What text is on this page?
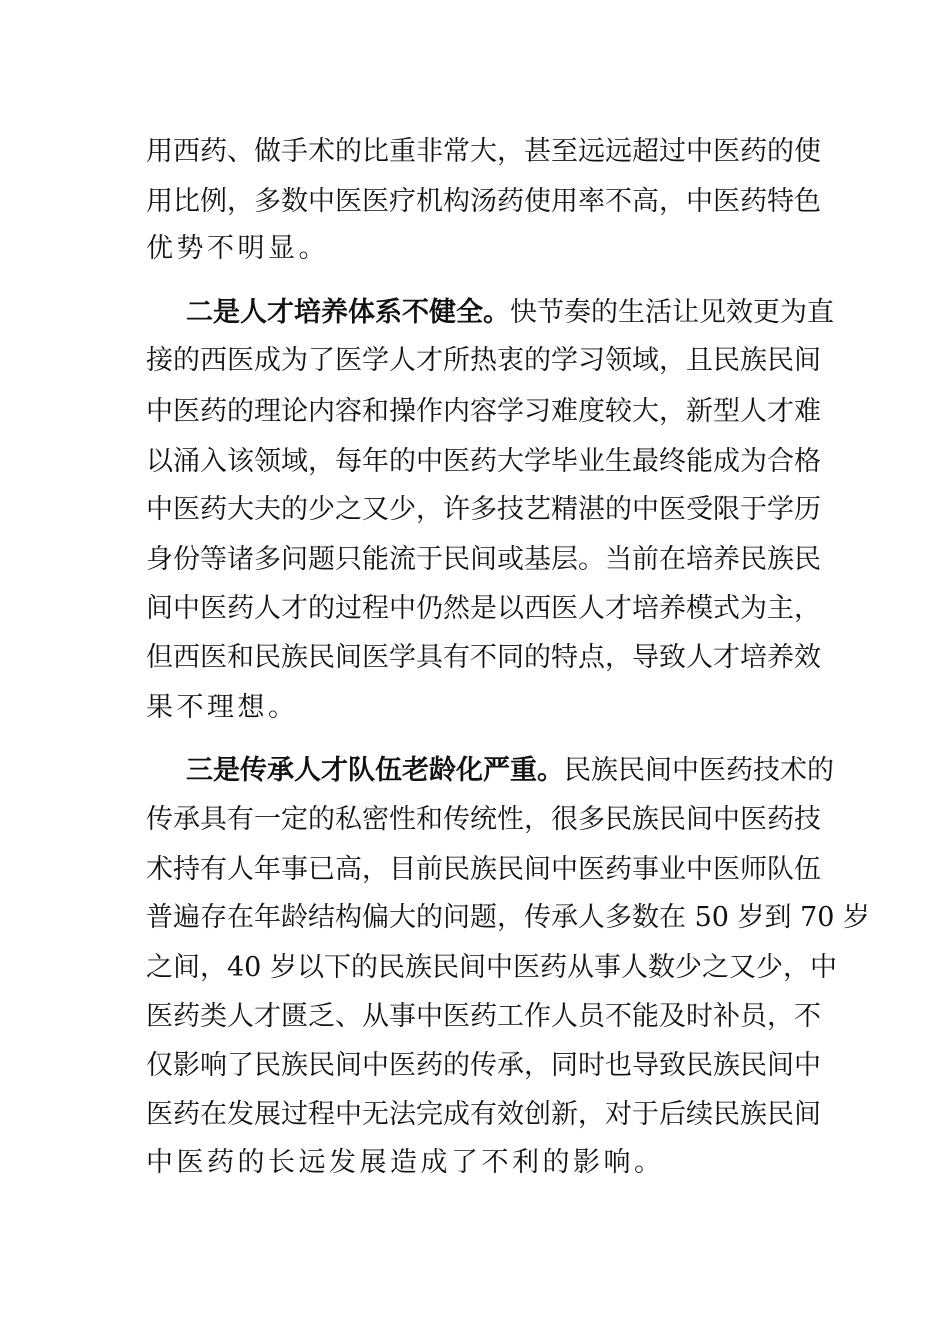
用西药、做手术的比重非常大，甚至远远超过中医药的使
用比例，多数中医医疗机构汤药使用率不高，中医药特色
优势不明显。
二是人才培养体系不健全。快节奏的生活让见效更为直
接的西医成为了医学人才所热衷的学习领域，且民族民间
中医药的理论内容和操作内容学习难度较大，新型人才难
以涌入该领域，每年的中医药大学毕业生最终能成为合格
中医药大夫的少之又少，许多技艺精湛的中医受限于学历
身份等诸多问题只能流于民间或基层。当前在培养民族民
间中医药人才的过程中仍然是以西医人才培养模式为主，
但西医和民族民间医学具有不同的特点，导致人才培养效
果不理想。
三是传承人才队伍老龄化严重。民族民间中医药技术的
传承具有一定的私密性和传统性，很多民族民间中医药技
术持有人年事已高，目前民族民间中医药事业中医师队伍
普遍存在年龄结构偏大的问题，传承人多数在 50 岁到 70 岁
之间，40 岁以下的民族民间中医药从事人数少之又少，中
医药类人才匮乏、从事中医药工作人员不能及时补员，不
仅影响了民族民间中医药的传承，同时也导致民族民间中
医药在发展过程中无法完成有效创新，对于后续民族民间
中医药的长远发展造成了不利的影响。
